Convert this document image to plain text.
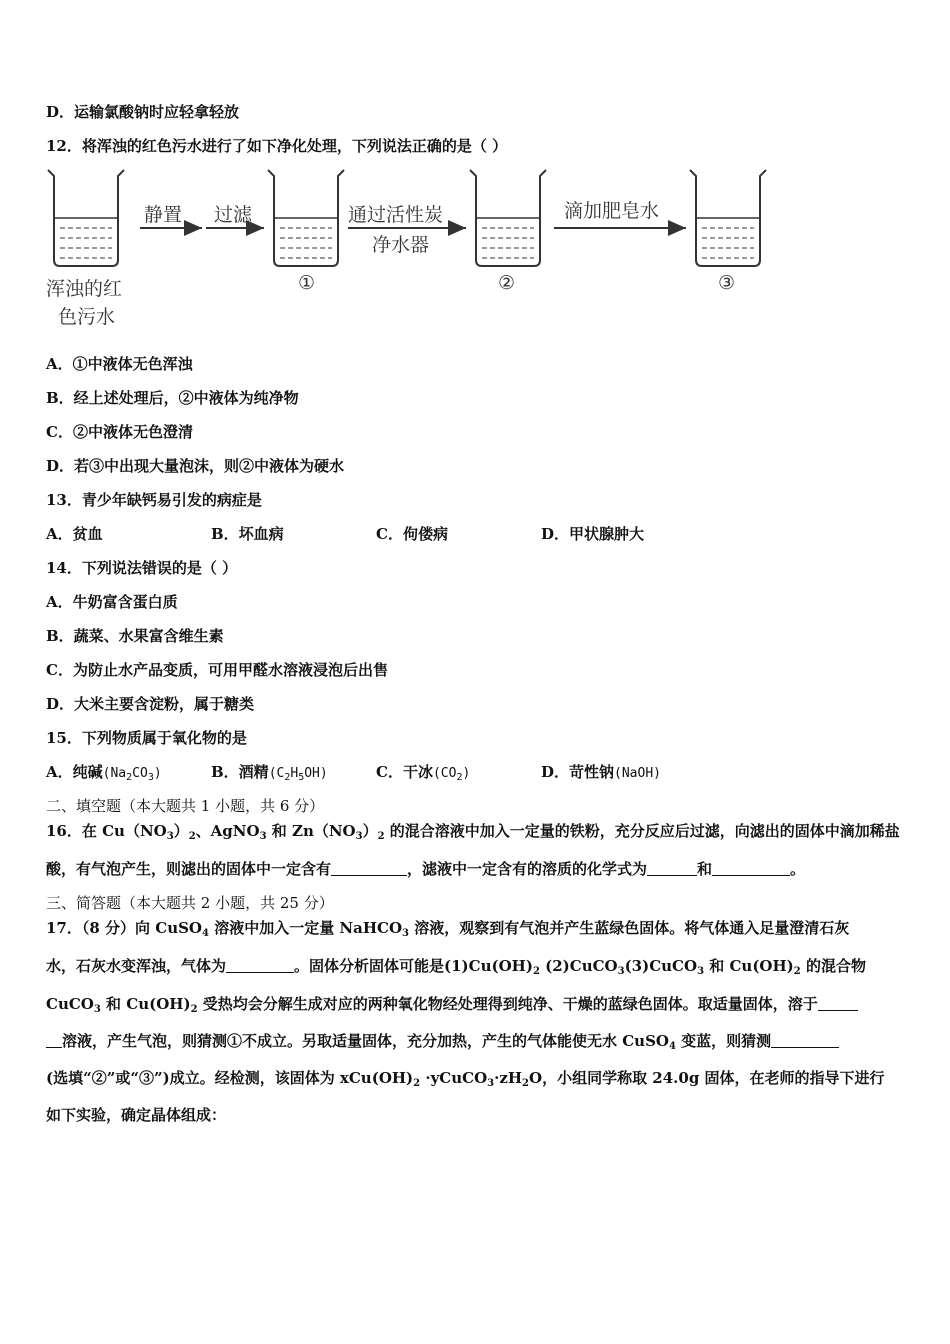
D．运输氯酸钠时应轻拿轻放
12．将浑浊的红色污水进行了如下净化处理，下列说法正确的是（ ）
浑浊的红
色污水
静置 过滤	通过活性炭
净水器
滴加肥皂水
①	②	③
A．①中液体无色浑浊
B．经上述处理后，②中液体为纯净物
C．②中液体无色澄清
D．若③中出现大量泡沫，则②中液体为硬水
13．青少年缺钙易引发的病症是
A．贫血	B．坏血病	C．佝偻病	D．甲状腺肿大
14．下列说法错误的是（ ）
A．牛奶富含蛋白质
B．蔬菜、水果富含维生素
C．为防止水产品变质，可用甲醛水溶液浸泡后出售
D．大米主要含淀粉，属于糖类
15．下列物质属于氧化物的是
A．纯碱$(Na_2CO_3)$	B．酒精$(C_2H_5OH)$	C．干冰$(CO_2)$	D．苛性钠(NaOH)
二、填空题（本大题共 1 小题，共 6 分）
16．在 $Cu(NO_3)_2$、AgNO$_3$ 和 $Zn(NO_3)_2$ 的混合溶液中加入一定量的铁粉，充分反应后过滤，向滤出的固体中滴加稀盐
酸，有气泡产生，则滤出的固体中一定含有	，滤液中一定含有的溶质的化学式为	和	。
三、简答题（本大题共 2 小题，共 25 分）
17．（8 分）向 CuSO$_4$ 溶液中加入一定量 NaHCO$_3$ 溶液，观察到有气泡并产生蓝绿色固体。将气体通入足量澄清石灰
水，石灰水变浑浊，气体为	。固体分析固体可能是$(1)Cu(OH)_2$ (2)CuCO$_3$(3)CuCO$_3$ 和 $Cu(OH)_2$ 的混合物
CuCO$_3$ 和 $Cu(OH)_2$ 受热均会分解生成对应的两种氧化物经处理得到纯净、干燥的蓝绿色固体。取适量固体，溶于
溶液，产生气泡，则猜测①不成立。另取适量固体，充分加热，产生的气体能使无水 CuSO$_4$ 变蓝，则猜测
(选填“②”或“③”)成立。经检测，该固体为 $xCu(OH)_2$ $\cdot yCuCO_3\cdot zH_2O$，小组同学称取 24.0g 固体，在老师的指导下进行
如下实验，确定晶体组成：
